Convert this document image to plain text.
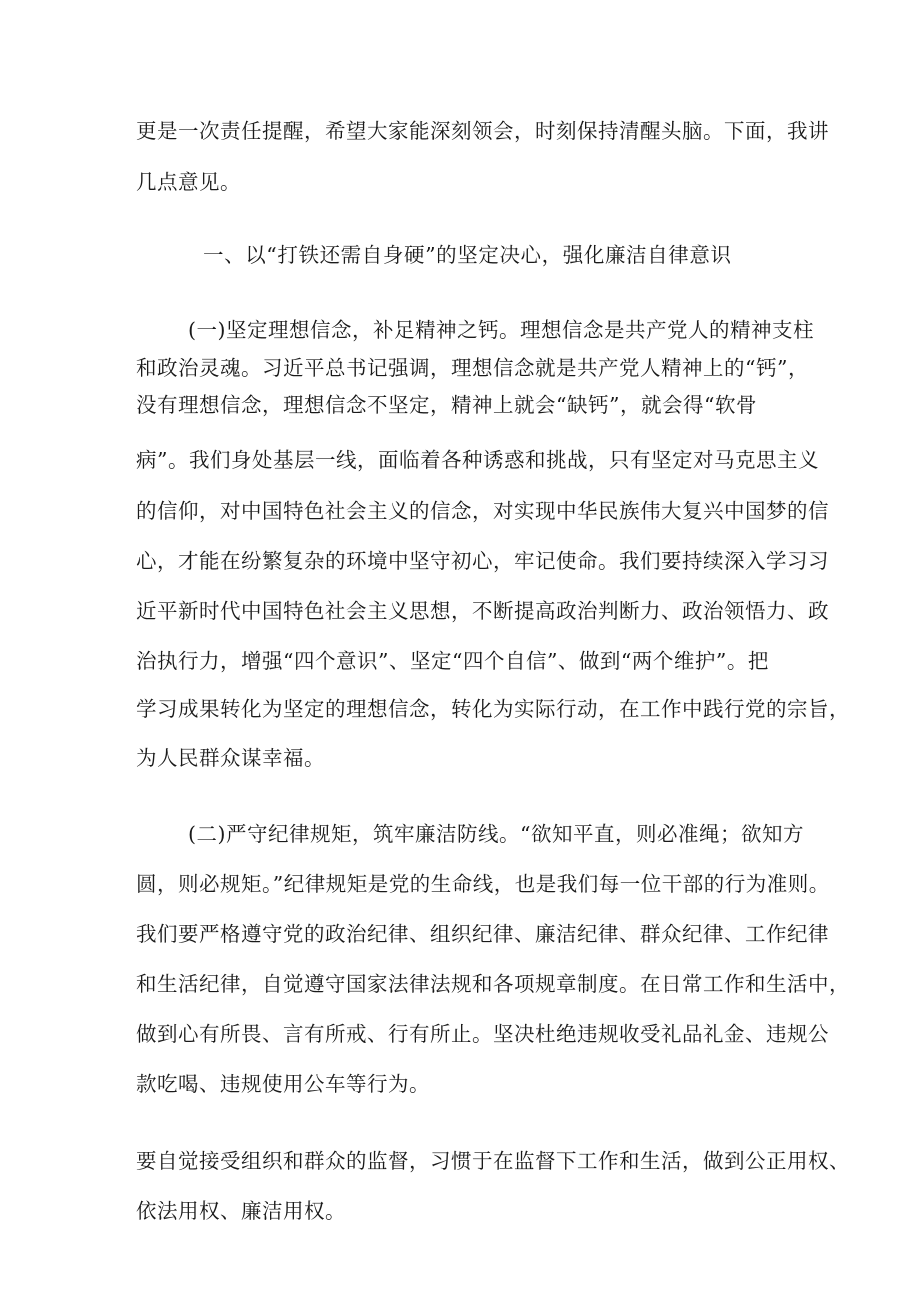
更是一次责任提醒，希望大家能深刻领会，时刻保持清醒头脑。下面，我讲
几点意见。
一、以“打铁还需自身硬”的坚定决心，强化廉洁自律意识
(一)坚定理想信念，补足精神之钙。理想信念是共产党人的精神支柱
和政治灵魂。习近平总书记强调，理想信念就是共产党人精神上的“钙”，
没有理想信念，理想信念不坚定，精神上就会“缺钙”，就会得“软骨
病”。我们身处基层一线，面临着各种诱惑和挑战，只有坚定对马克思主义
的信仰，对中国特色社会主义的信念，对实现中华民族伟大复兴中国梦的信
心，才能在纷繁复杂的环境中坚守初心，牢记使命。我们要持续深入学习习
近平新时代中国特色社会主义思想，不断提高政治判断力、政治领悟力、政
治执行力，增强“四个意识”、坚定“四个自信”、做到“两个维护”。把
学习成果转化为坚定的理想信念，转化为实际行动，在工作中践行党的宗旨，
为人民群众谋幸福。
(二)严守纪律规矩，筑牢廉洁防线。“欲知平直，则必准绳；欲知方
圆，则必规矩。”纪律规矩是党的生命线，也是我们每一位干部的行为准则。
我们要严格遵守党的政治纪律、组织纪律、廉洁纪律、群众纪律、工作纪律
和生活纪律，自觉遵守国家法律法规和各项规章制度。在日常工作和生活中，
做到心有所畏、言有所戒、行有所止。坚决杜绝违规收受礼品礼金、违规公
款吃喝、违规使用公车等行为。
要自觉接受组织和群众的监督，习惯于在监督下工作和生活，做到公正用权、
依法用权、廉洁用权。
